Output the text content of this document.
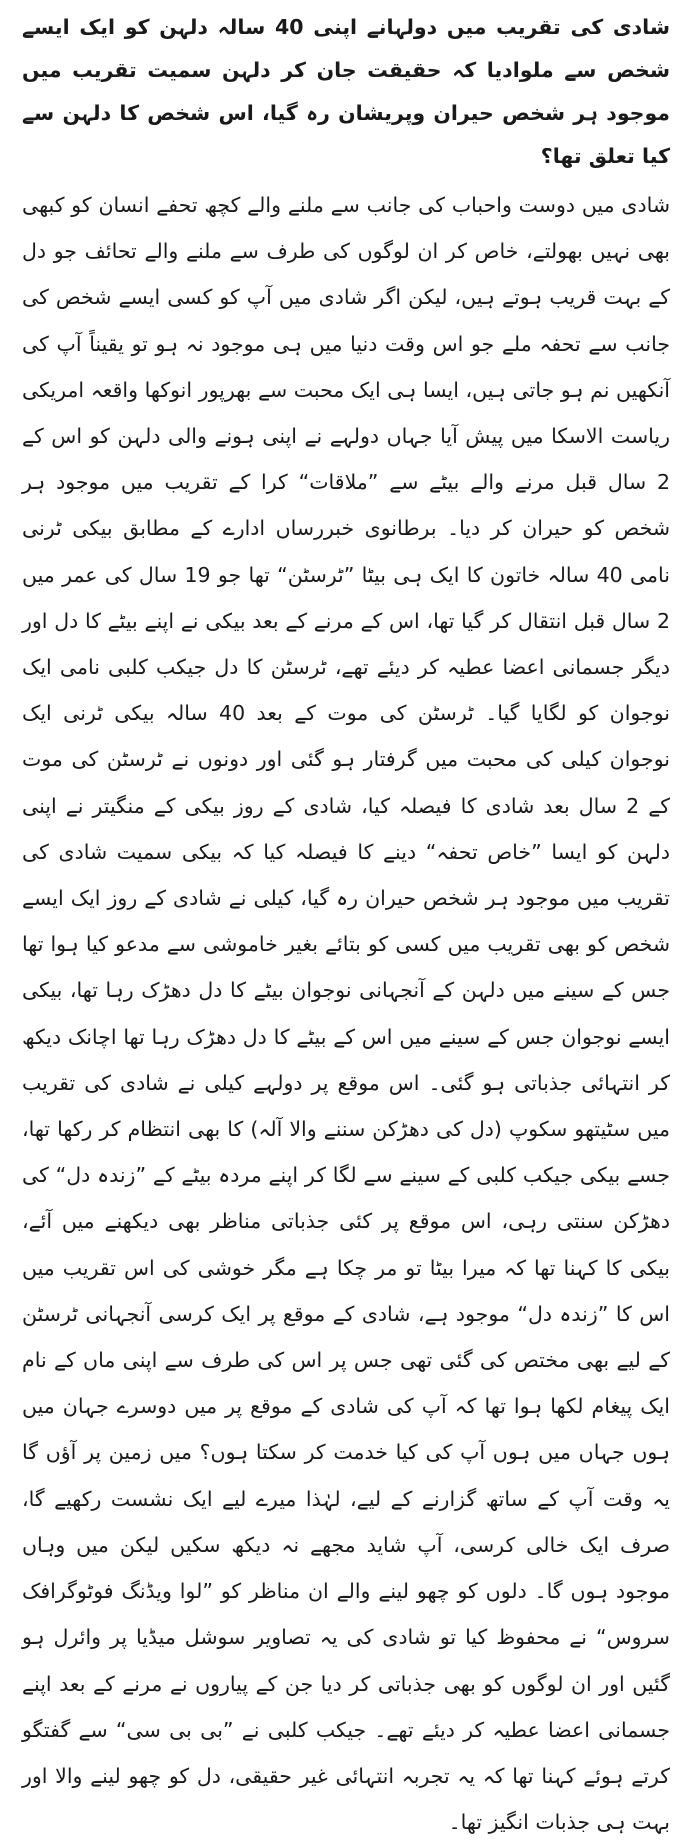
شادی کی تقریب میں دولہانے اپنی 40 سالہ دلہن کو ایک ایسے شخص سے ملوادیا کہ حقیقت جان کر دلہن سمیت تقریب میں موجود ہر شخص حیران وپریشان رہ گیا، اس شخص کا دلہن سے کیا تعلق تھا؟

شادی میں دوست واحباب کی جانب سے ملنے والے کچھ تحفے انسان کو کبھی بھی نہیں بھولتے، خاص کر ان لوگوں کی طرف سے ملنے والے تحائف جو دل کے بہت قریب ہوتے ہیں، لیکن اگر شادی میں آپ کو کسی ایسے شخص کی جانب سے تحفہ ملے جو اس وقت دنیا میں ہی موجود نہ ہو تو یقیناً آپ کی آنکھیں نم ہو جاتی ہیں، ایسا ہی ایک محبت سے بھرپور انوکھا واقعہ امریکی ریاست الاسکا میں پیش آیا جہاں دولہے نے اپنی ہونے والی دلہن کو اس کے 2 سال قبل مرنے والے بیٹے سے ”ملاقات“ کرا کے تقریب میں موجود ہر شخص کو حیران کر دیا۔ برطانوی خبررساں ادارے کے مطابق بیکی ٹرنی نامی 40 سالہ خاتون کا ایک ہی بیٹا ”ٹرسٹن“ تھا جو 19 سال کی عمر میں 2 سال قبل انتقال کر گیا تھا، اس کے مرنے کے بعد بیکی نے اپنے بیٹے کا دل اور دیگر جسمانی اعضا عطیہ کر دیئے تھے، ٹرسٹن کا دل جیکب کلبی نامی ایک نوجوان کو لگایا گیا۔ ٹرسٹن کی موت کے بعد 40 سالہ بیکی ٹرنی ایک نوجوان کیلی کی محبت میں گرفتار ہو گئی اور دونوں نے ٹرسٹن کی موت کے 2 سال بعد شادی کا فیصلہ کیا، شادی کے روز بیکی کے منگیتر نے اپنی دلہن کو ایسا ”خاص تحفہ“ دینے کا فیصلہ کیا کہ بیکی سمیت شادی کی تقریب میں موجود ہر شخص حیران رہ گیا، کیلی نے شادی کے روز ایک ایسے شخص کو بھی تقریب میں کسی کو بتائے بغیر خاموشی سے مدعو کیا ہوا تھا جس کے سینے میں دلہن کے آنجہانی نوجوان بیٹے کا دل دھڑک رہا تھا، بیکی ایسے نوجوان جس کے سینے میں اس کے بیٹے کا دل دھڑک رہا تھا اچانک دیکھ کر انتہائی جذباتی ہو گئی۔ اس موقع پر دولہے کیلی نے شادی کی تقریب میں سٹیتھو سکوپ (دل کی دھڑکن سننے والا آلہ) کا بھی انتظام کر رکھا تھا، جسے بیکی جیکب کلبی کے سینے سے لگا کر اپنے مردہ بیٹے کے ”زندہ دل“ کی دھڑکن سنتی رہی، اس موقع پر کئی جذباتی مناظر بھی دیکھنے میں آئے، بیکی کا کہنا تھا کہ میرا بیٹا تو مر چکا ہے مگر خوشی کی اس تقریب میں اس کا ”زندہ دل“ موجود ہے، شادی کے موقع پر ایک کرسی آنجہانی ٹرسٹن کے لیے بھی مختص کی گئی تھی جس پر اس کی طرف سے اپنی ماں کے نام ایک پیغام لکھا ہوا تھا کہ آپ کی شادی کے موقع پر میں دوسرے جہان میں ہوں جہاں میں ہوں آپ کی کیا خدمت کر سکتا ہوں؟ میں زمین پر آؤں گا یہ وقت آپ کے ساتھ گزارنے کے لیے، لہٰذا میرے لیے ایک نشست رکھیے گا، صرف ایک خالی کرسی، آپ شاید مجھے نہ دیکھ سکیں لیکن میں وہاں موجود ہوں گا۔ دلوں کو چھو لینے والے ان مناظر کو ”لوا ویڈنگ فوٹوگرافک سروس“ نے محفوظ کیا تو شادی کی یہ تصاویر سوشل میڈیا پر وائرل ہو گئیں اور ان لوگوں کو بھی جذباتی کر دیا جن کے پیاروں نے مرنے کے بعد اپنے جسمانی اعضا عطیہ کر دیئے تھے۔ جیکب کلبی نے ”بی بی سی“ سے گفتگو کرتے ہوئے کہنا تھا کہ یہ تجربہ انتہائی غیر حقیقی، دل کو چھو لینے والا اور بہت ہی جذبات انگیز تھا۔
